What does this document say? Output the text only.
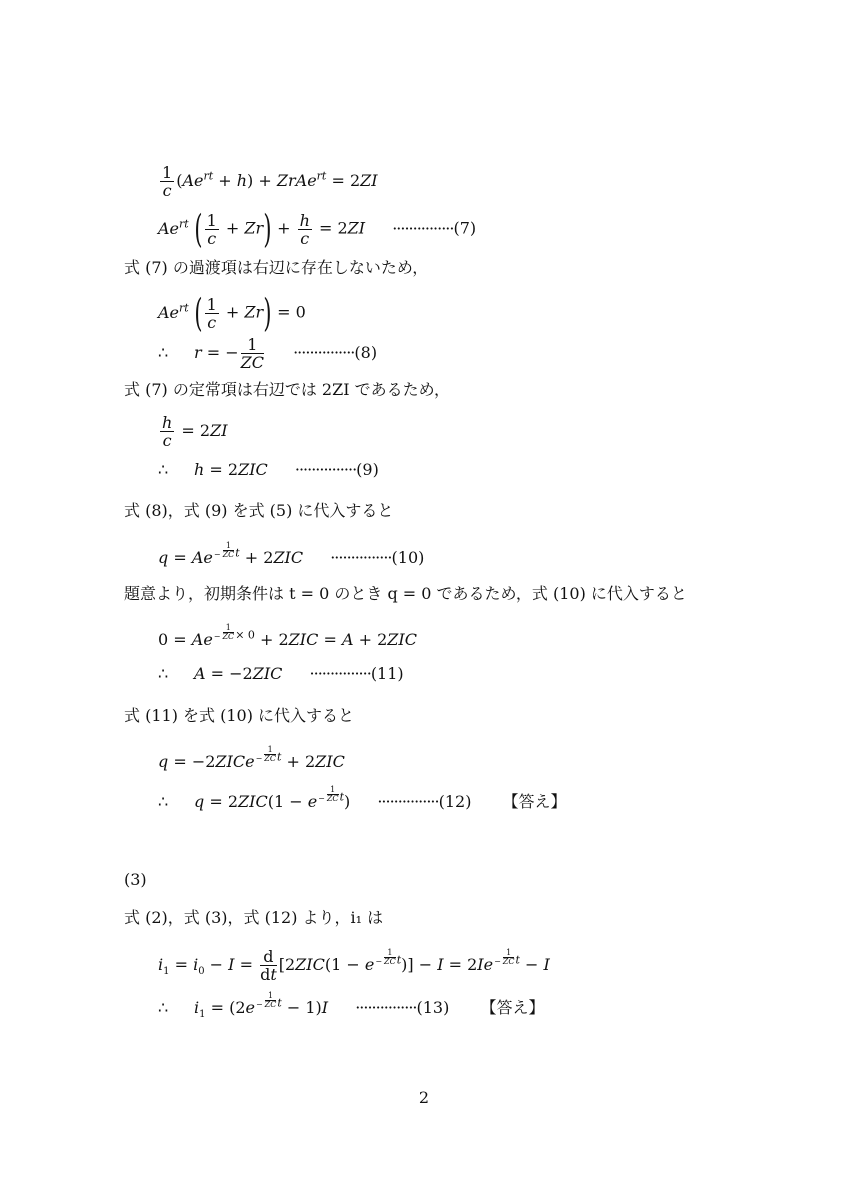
$\frac{1}{c} (Ae^{rt} + h)$ + ZrAe$^{rt}$ = 2ZI
$Ae^{rt}$ ( $\frac{1}{c} + Zr) + \frac{h}{c} = 2ZI \cdot\cdot\cdot\cdot\cdot\cdot\cdot\cdot\cdot\cdot\cdot\cdot\cdot\cdot\cdot(7)$
式 (7) の過渡項は右辺に存在しないため，
$Ae^{rt}$ ( $\frac{1}{c} + Zr) = 0$
∴ r = − $\frac{1}{ZC} \cdot\cdot\cdot\cdot\cdot\cdot\cdot\cdot\cdot\cdot\cdot\cdot\cdot\cdot\cdot(8)$
式 (7) の定常項は右辺では 2ZI であるため，
$\frac{h}{c} = 2ZI$
∴ h = 2ZIC ···············(9)
式 (8)，式 (9) を式 (5) に代入すると
$q = Ae- \frac{1}{ZC} ^t + 2ZIC \cdot\cdot\cdot\cdot\cdot\cdot\cdot\cdot\cdot\cdot\cdot\cdot\cdot\cdot\cdot(10)$
題意より，初期条件は t = 0 のとき q = 0 であるため，式 (10) に代入すると
$0 = Ae- \frac{1}{ZC} ^{\times 0} + 2ZIC = A + 2ZIC$
∴ A = −2ZIC ···············(11)
式 (11) を式 (10) に代入すると
q = −2ZICe− $\frac{1}{ZC} ^t + 2ZIC$
∴ $q = 2ZIC(1 - e- \frac{1}{ZC} ^t) \cdot\cdot\cdot\cdot\cdot\cdot\cdot\cdot\cdot\cdot\cdot\cdot\cdot\cdot\cdot(12)$ 【答え】
(3)
式 (2)，式 (3)，式 (12) より，i₁ は
$i_1 = i_0 - I = \frac{d}{dt} [2ZIC(1 - e- \frac{1}{ZC} ^t)] - I = 2Ie- \frac{1}{ZC} ^t - I$
∴ $i_1 = (2e- \frac{1}{ZC} ^t - 1)I \cdot\cdot\cdot\cdot\cdot\cdot\cdot\cdot\cdot\cdot\cdot\cdot\cdot\cdot\cdot(13)$ 【答え】
2
